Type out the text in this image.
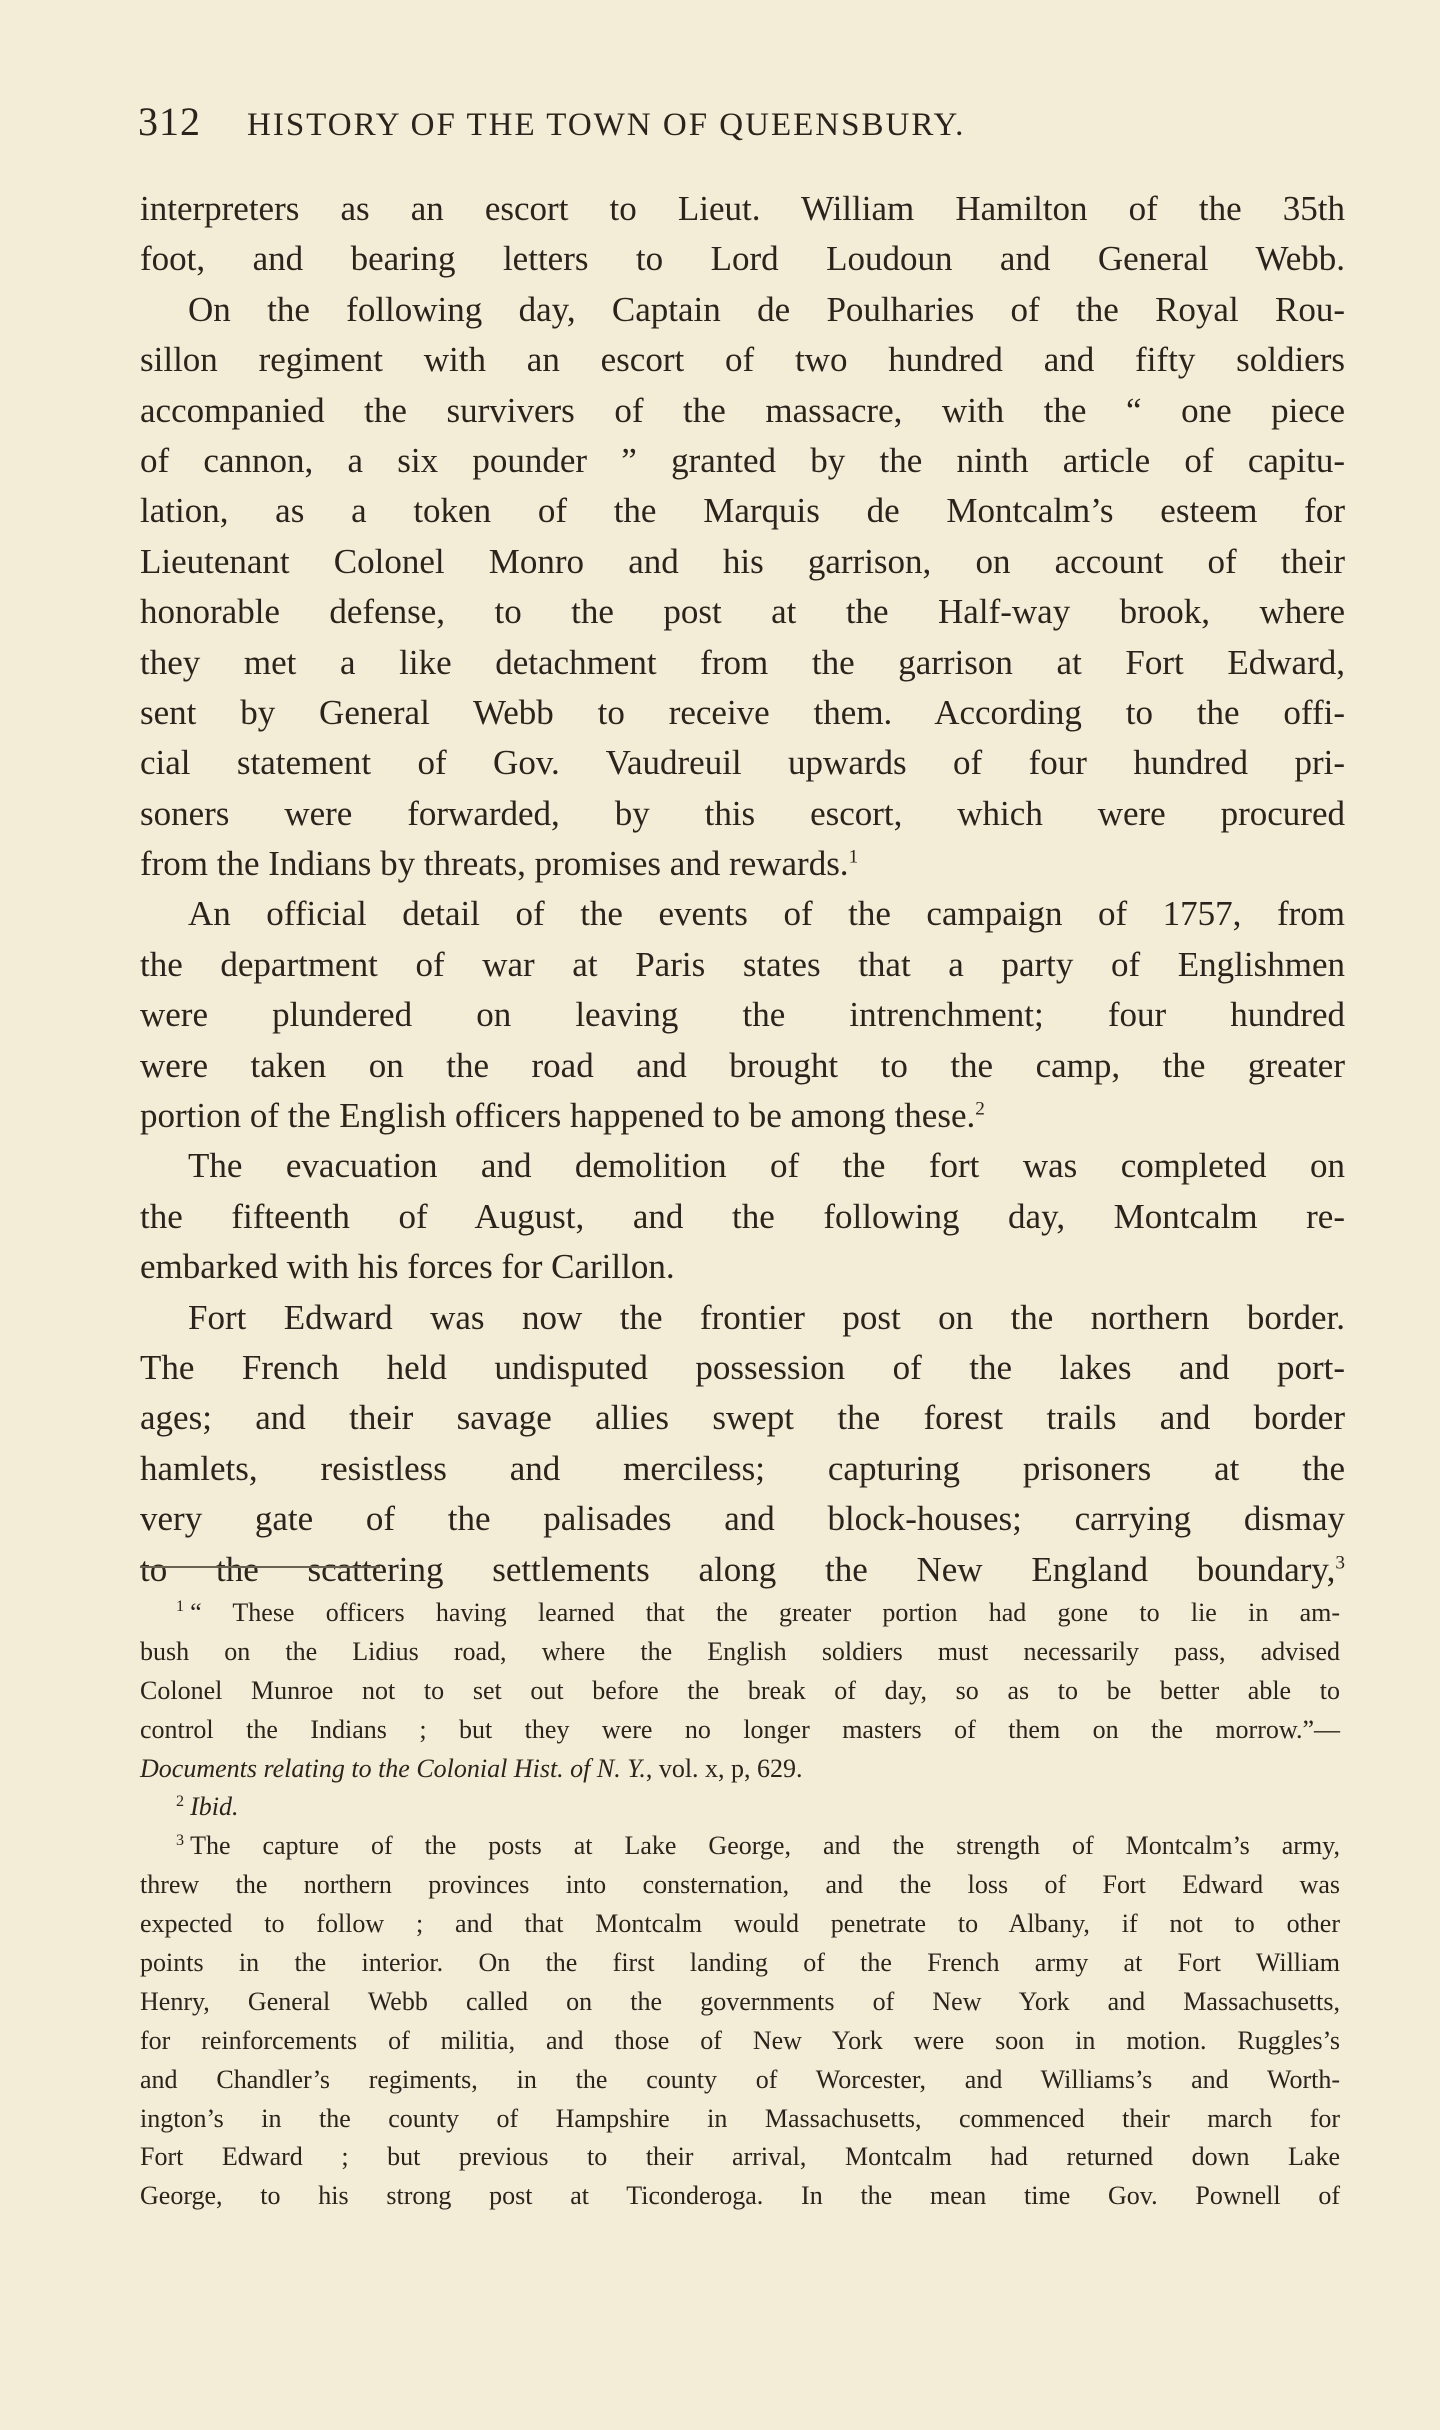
312 HISTORY OF THE TOWN OF QUEENSBURY.
interpreters as an escort to Lieut. William Hamilton of the 35th
foot, and bearing letters to Lord Loudoun and General Webb.
On the following day, Captain de Poulharies of the Royal Rou-
sillon regiment with an escort of two hundred and fifty soldiers
accompanied the survivers of the massacre, with the “ one piece
of cannon, a six pounder ” granted by the ninth article of capitu-
lation, as a token of the Marquis de Montcalm’s esteem for
Lieutenant Colonel Monro and his garrison, on account of their
honorable defense, to the post at the Half-way brook, where
they met a like detachment from the garrison at Fort Edward,
sent by General Webb to receive them. According to the offi-
cial statement of Gov. Vaudreuil upwards of four hundred pri-
soners were forwarded, by this escort, which were procured
from the Indians by threats, promises and rewards.$^1$
An official detail of the events of the campaign of 1757, from
the department of war at Paris states that a party of Englishmen
were plundered on leaving the intrenchment; four hundred
were taken on the road and brought to the camp, the greater
portion of the English officers happened to be among these.$^2$
The evacuation and demolition of the fort was completed on
the fifteenth of August, and the following day, Montcalm re-
embarked with his forces for Carillon.
Fort Edward was now the frontier post on the northern border.
The French held undisputed possession of the lakes and port-
ages; and their savage allies swept the forest trails and border
hamlets, resistless and merciless; capturing prisoners at the
very gate of the palisades and block-houses; carrying dismay
to the scattering settlements along the New England boundary,$^3$
$^1$ “ These officers having learned that the greater portion had gone to lie in am-
bush on the Lidius road, where the English soldiers must necessarily pass, advised
Colonel Munroe not to set out before the break of day, so as to be better able to
control the Indians ; but they were no longer masters of them on the morrow.”—
Documents relating to the Colonial Hist. of N. Y., vol. x, p, 629.
$^2$ Ibid.
$^3$ The capture of the posts at Lake George, and the strength of Montcalm’s army,
threw the northern provinces into consternation, and the loss of Fort Edward was
expected to follow ; and that Montcalm would penetrate to Albany, if not to other
points in the interior. On the first landing of the French army at Fort William
Henry, General Webb called on the governments of New York and Massachusetts,
for reinforcements of militia, and those of New York were soon in motion. Ruggles’s
and Chandler’s regiments, in the county of Worcester, and Williams’s and Worth-
ington’s in the county of Hampshire in Massachusetts, commenced their march for
Fort Edward ; but previous to their arrival, Montcalm had returned down Lake
George, to his strong post at Ticonderoga. In the mean time Gov. Pownell of
